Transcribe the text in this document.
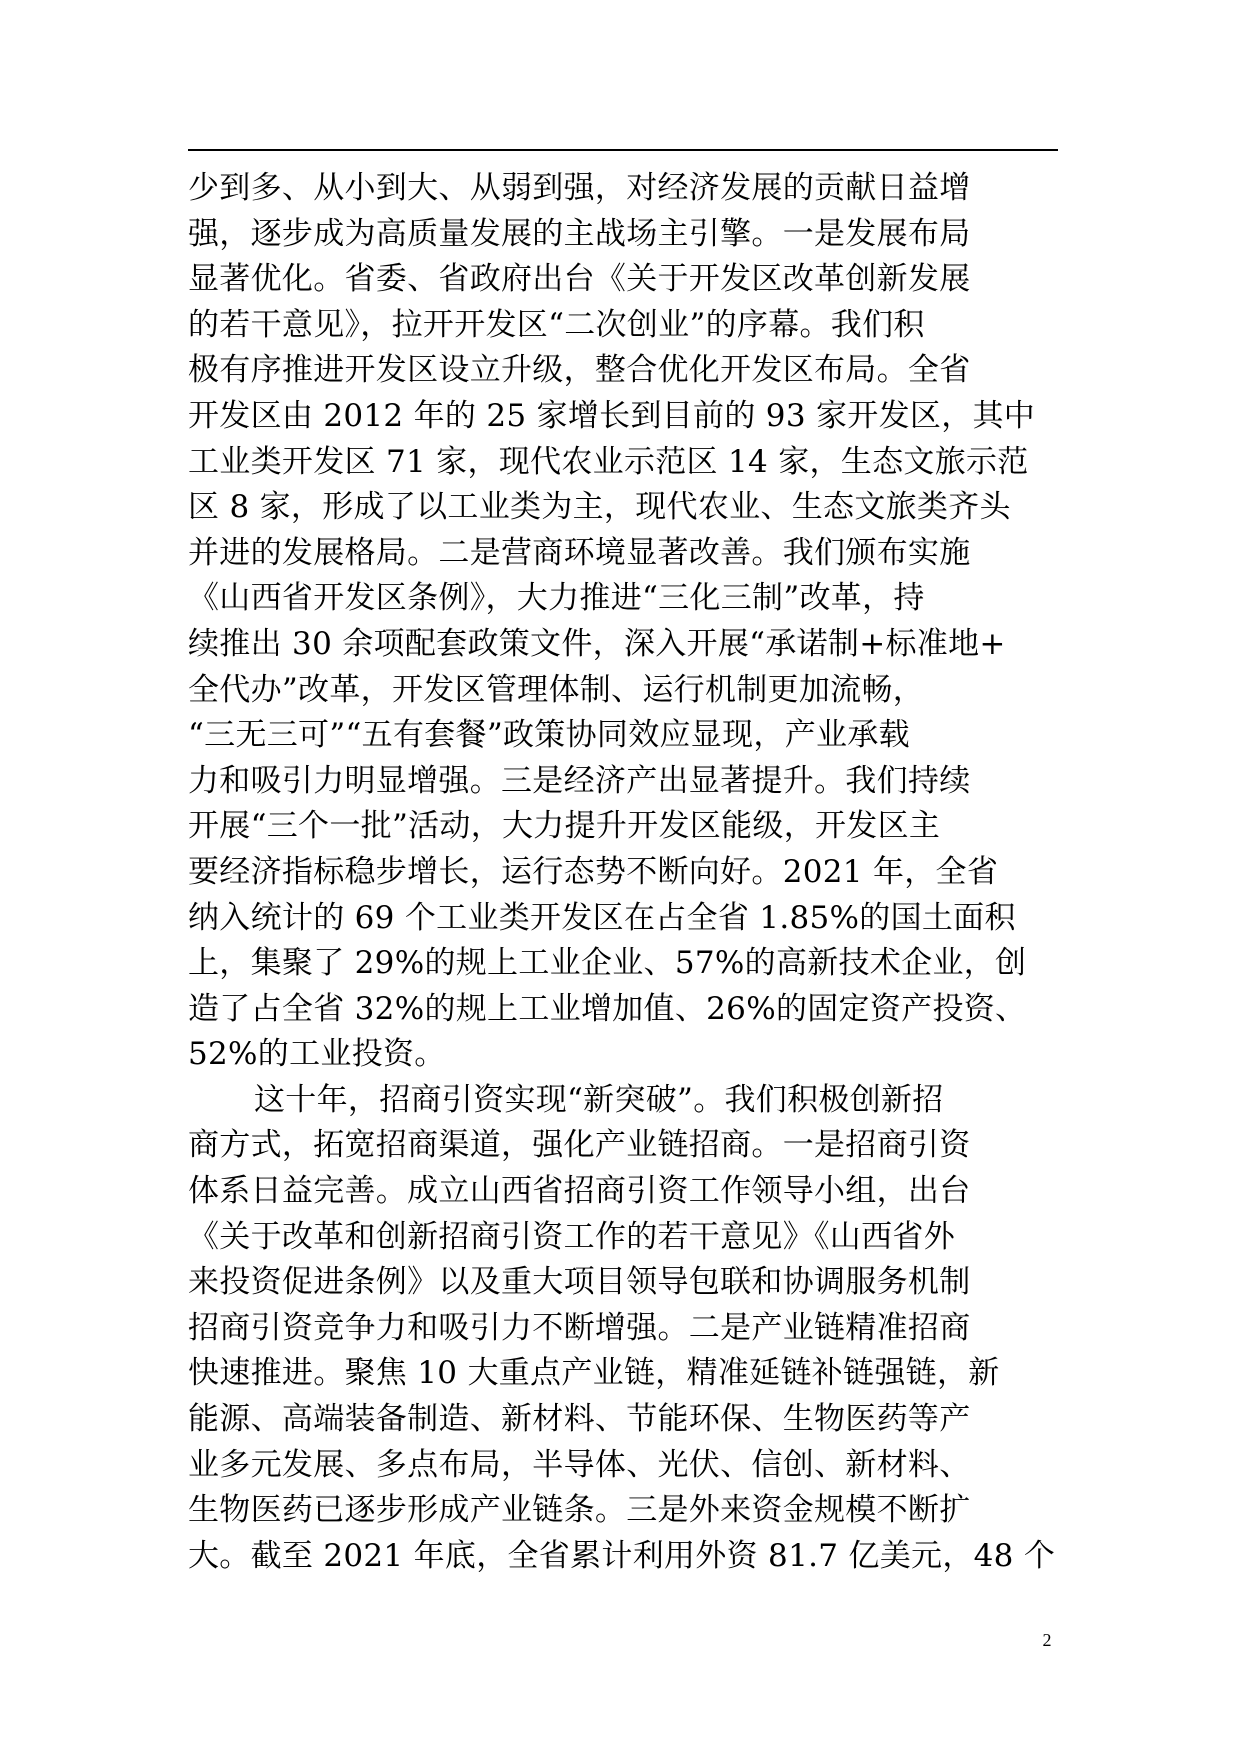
少到多、从小到大、从弱到强，对经济发展的贡献日益增
强，逐步成为高质量发展的主战场主引擎。一是发展布局
显著优化。省委、省政府出台《关于开发区改革创新发展
的若干意见》，拉开开发区“二次创业”的序幕。我们积
极有序推进开发区设立升级，整合优化开发区布局。全省
开发区由 2012 年的 25 家增长到目前的 93 家开发区，其中
工业类开发区 71 家，现代农业示范区 14 家，生态文旅示范
区 8 家，形成了以工业类为主，现代农业、生态文旅类齐头
并进的发展格局。二是营商环境显著改善。我们颁布实施
《山西省开发区条例》，大力推进“三化三制”改革，持
续推出 30 余项配套政策文件，深入开展“承诺制+标准地+
全代办”改革，开发区管理体制、运行机制更加流畅，
“三无三可”“五有套餐”政策协同效应显现，产业承载
力和吸引力明显增强。三是经济产出显著提升。我们持续
开展“三个一批”活动，大力提升开发区能级，开发区主
要经济指标稳步增长，运行态势不断向好。2021 年，全省
纳入统计的 69 个工业类开发区在占全省 1.85%的国土面积
上，集聚了 29%的规上工业企业、57%的高新技术企业，创
造了占全省 32%的规上工业增加值、26%的固定资产投资、
52%的工业投资。
这十年，招商引资实现“新突破”。我们积极创新招
商方式，拓宽招商渠道，强化产业链招商。一是招商引资
体系日益完善。成立山西省招商引资工作领导小组，出台
《关于改革和创新招商引资工作的若干意见》《山西省外
来投资促进条例》以及重大项目领导包联和协调服务机制
招商引资竞争力和吸引力不断增强。二是产业链精准招商
快速推进。聚焦 10 大重点产业链，精准延链补链强链，新
能源、高端装备制造、新材料、节能环保、生物医药等产
业多元发展、多点布局，半导体、光伏、信创、新材料、
生物医药已逐步形成产业链条。三是外来资金规模不断扩
大。截至 2021 年底，全省累计利用外资 81.7 亿美元，48 个
2
